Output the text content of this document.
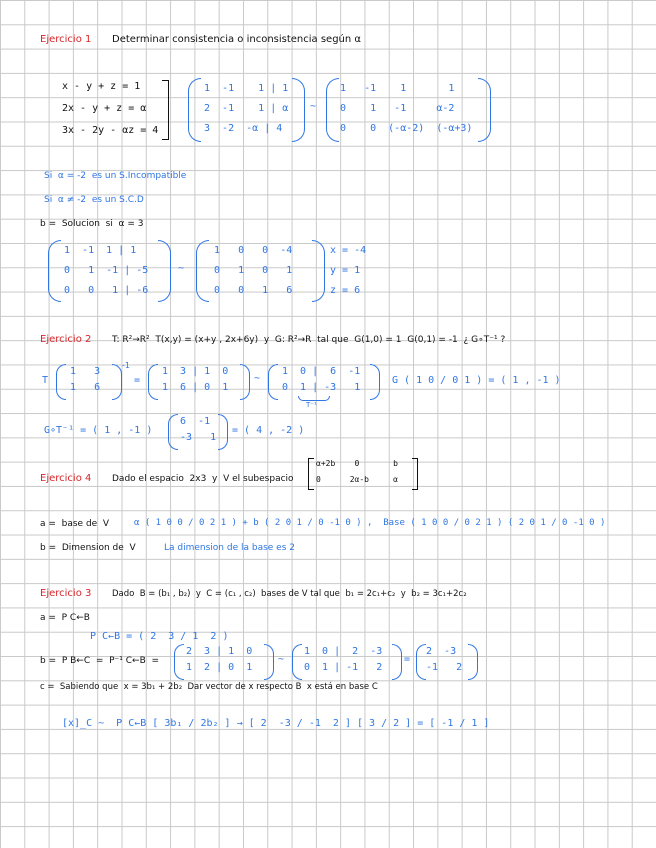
Ejercicio 1 Determinar consistencia o inconsistencia según α
x - y + z = 1
2x - y + z = α
3x - 2y - αz = 4
1  -1    1 | 1
2  -1    1 | α
3  -2  -α | 4
~
1   -1    1       1
0    1   -1     α-2
0    0  (-α-2)  (-α+3)
Si  α = -2  es un S.Incompatible
Si  α ≠ -2  es un S.C.D
b =  Solucion  si  α = 3
1  -1  1 | 1
0   1  -1 | -5
0   0   1 | -6
~
1   0   0  -4
0   1   0   1
0   0   1   6
x = -4
y = 1
z = 6
Ejercicio 2 T: R²→R²  T(x,y) = (x+y , 2x+6y)  y  G: R²→R  tal que  G(1,0) = 1  G(0,1) = -1  ¿ G∘T⁻¹ ?
T
1   3
1   6
-1
=
1  3 | 1  0
1  6 | 0  1
~
1  0 |  6  -1
0  1 | -3   1
T⁻¹
G ( 1 0 / 0 1 ) = ( 1 , -1 )
G∘T⁻¹ = ( 1 , -1 )
6  -1
-3   1
= ( 4 , -2 )
Ejercicio 4 Dado el espacio  2x3  y  V el subespacio
α+2b    0       b
0      2α-b     α
a =  base de  V	α ( 1 0 0 / 0 2 1 ) + b ( 2 0 1 / 0 -1 0 ) ,  Base ( 1 0 0 / 0 2 1 ) ( 2 0 1 / 0 -1 0 )
b =  Dimension de  V	La dimension de la base es 2
Ejercicio 3 Dado  B = (b₁ , b₂)  y  C = (c₁ , c₂)  bases de V tal que  b₁ = 2c₁+c₂  y  b₂ = 3c₁+2c₂
a =  P C←B
P C←B = ( 2  3 / 1  2 )
b =  P B←C  =  P⁻¹ C←B  =
2  3 | 1  0
1  2 | 0  1
~
1  0 |  2  -3
0  1 | -1   2
=
2  -3
-1   2
c =  Sabiendo que  x = 3b₁ + 2b₂  Dar vector de x respecto B  x está en base C
[x]_C ~  P C←B [ 3b₁ / 2b₂ ] → [ 2  -3 / -1  2 ] [ 3 / 2 ] = [ -1 / 1 ]
